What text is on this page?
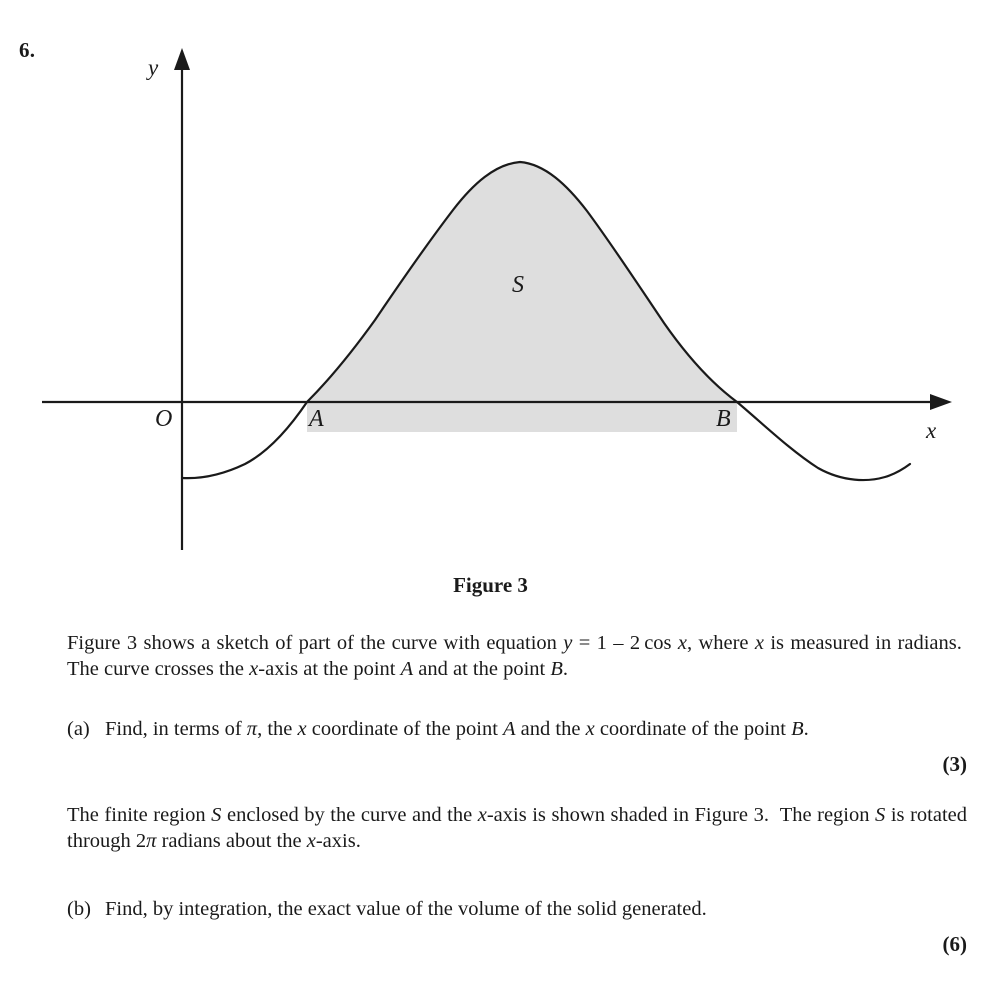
6.
y
x
O	A	B
S
Figure 3
Figure 3 shows a sketch of part of the curve with equation y = 1 – 2 cos x, where x is measured in radians.  The curve crosses the x-axis at the point A and at the point B.
(a) Find, in terms of π, the x coordinate of the point A and the x coordinate of the point B.
(3)
The finite region S enclosed by the curve and the x-axis is shown shaded in Figure 3.  The region S is rotated through 2π radians about the x-axis.
(b) Find, by integration, the exact value of the volume of the solid generated.
(6)
